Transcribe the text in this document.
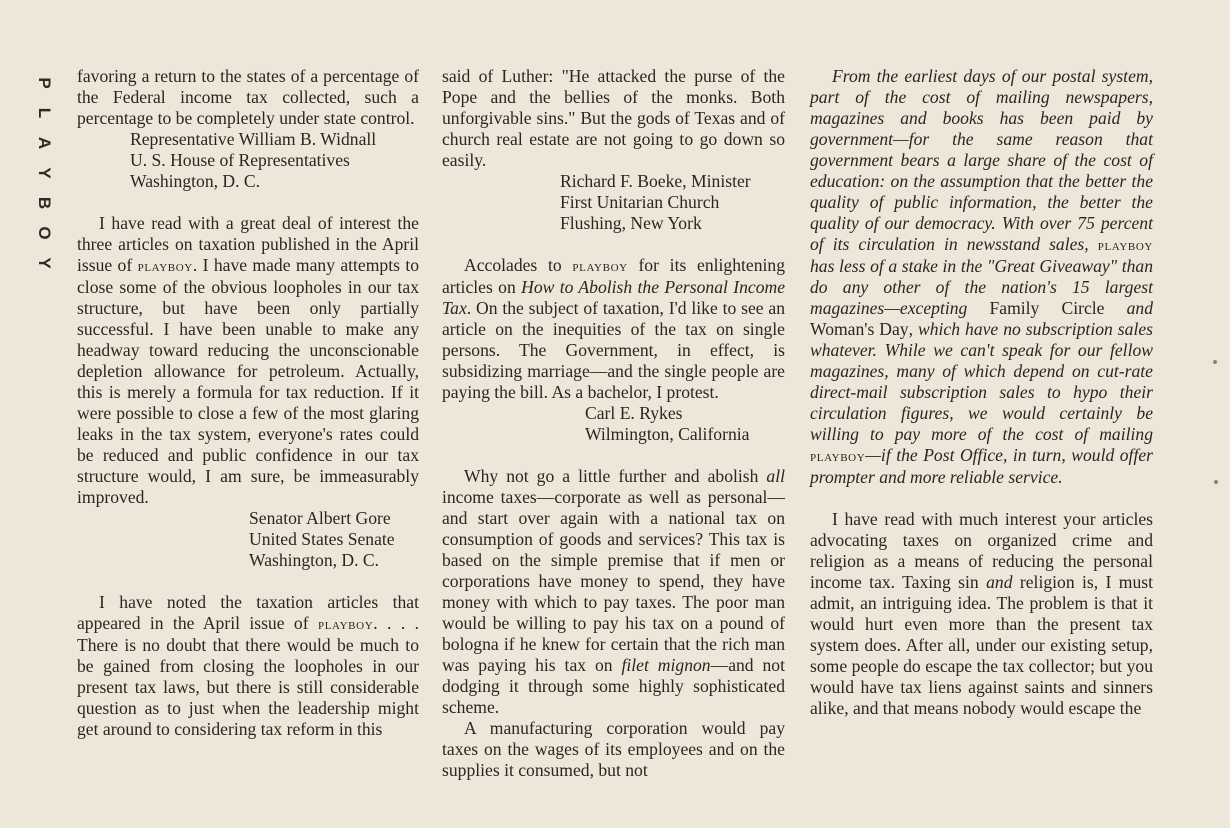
P
L
A
Y
B
O
Y

favoring a return to the states of a percentage of the Federal income tax collected, such a percentage to be completely under state control.

Representative William B. Widnall
U. S. House of Representatives
Washington, D. C.

I have read with a great deal of interest the three articles on taxation published in the April issue of playboy. I have made many attempts to close some of the obvious loopholes in our tax structure, but have been only partially successful. I have been unable to make any headway toward reducing the unconscionable depletion allowance for petroleum. Actually, this is merely a formula for tax reduction. If it were possible to close a few of the most glaring leaks in the tax system, everyone's rates could be reduced and public confidence in our tax structure would, I am sure, be immeasurably improved.

Senator Albert Gore
United States Senate
Washington, D. C.

I have noted the taxation articles that appeared in the April issue of playboy. . . . There is no doubt that there would be much to be gained from closing the loopholes in our present tax laws, but there is still considerable question as to just when the leadership might get around to considering tax reform in this

said of Luther: "He attacked the purse of the Pope and the bellies of the monks. Both unforgivable sins." But the gods of Texas and of church real estate are not going to go down so easily.

Richard F. Boeke, Minister
First Unitarian Church
Flushing, New York

Accolades to playboy for its enlightening articles on How to Abolish the Personal Income Tax. On the subject of taxation, I'd like to see an article on the inequities of the tax on single persons. The Government, in effect, is subsidizing marriage—and the single people are paying the bill. As a bachelor, I protest.

Carl E. Rykes
Wilmington, California

Why not go a little further and abolish all income taxes—corporate as well as personal—and start over again with a national tax on consumption of goods and services? This tax is based on the simple premise that if men or corporations have money to spend, they have money with which to pay taxes. The poor man would be willing to pay his tax on a pound of bologna if he knew for certain that the rich man was paying his tax on filet mignon—and not dodging it through some highly sophisticated scheme.

A manufacturing corporation would pay taxes on the wages of its employees and on the supplies it consumed, but not

From the earliest days of our postal system, part of the cost of mailing newspapers, magazines and books has been paid by government—for the same reason that government bears a large share of the cost of education: on the assumption that the better the quality of public information, the better the quality of our democracy. With over 75 percent of its circulation in newsstand sales, playboy has less of a stake in the "Great Giveaway" than do any other of the nation's 15 largest magazines—excepting Family Circle and Woman's Day, which have no subscription sales whatever. While we can't speak for our fellow magazines, many of which depend on cut-rate direct-mail subscription sales to hypo their circulation figures, we would certainly be willing to pay more of the cost of mailing playboy—if the Post Office, in turn, would offer prompter and more reliable service.

I have read with much interest your articles advocating taxes on organized crime and religion as a means of reducing the personal income tax. Taxing sin and religion is, I must admit, an intriguing idea. The problem is that it would hurt even more than the present tax system does. After all, under our existing setup, some people do escape the tax collector; but you would have tax liens against saints and sinners alike, and that means nobody would escape the
